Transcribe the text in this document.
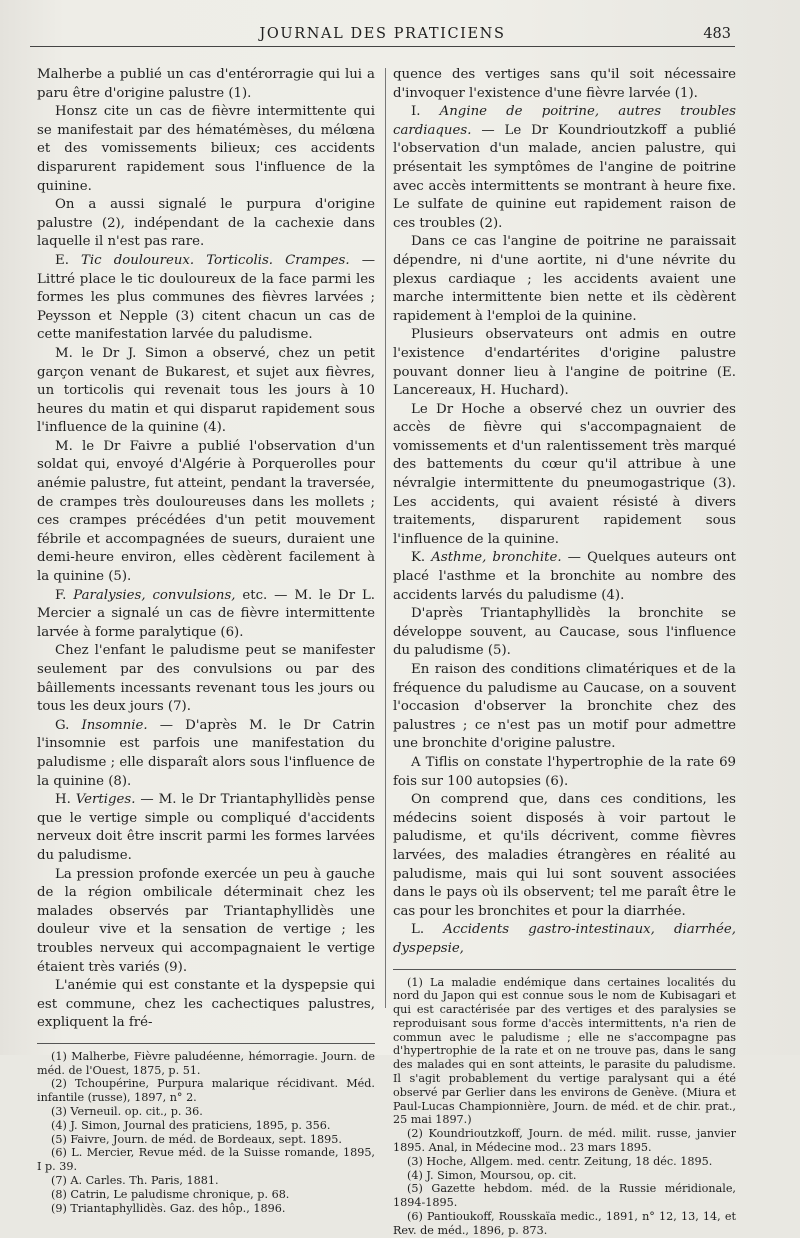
JOURNAL DES PRATICIENS	483

Malherbe a publié un cas d'entérorragie qui lui a paru être d'origine palustre (1).

Honsz cite un cas de fièvre intermittente qui se manifestait par des hématémèses, du mélœna et des vomissements bilieux; ces accidents disparurent rapidement sous l'influence de la quinine.

On a aussi signalé le purpura d'origine palustre (2), indépendant de la cachexie dans laquelle il n'est pas rare.

E. Tic douloureux. Torticolis. Crampes. — Littré place le tic douloureux de la face parmi les formes les plus communes des fièvres larvées ; Peysson et Nepple (3) citent chacun un cas de cette manifestation larvée du paludisme.

M. le Dr J. Simon a observé, chez un petit garçon venant de Bukarest, et sujet aux fièvres, un torticolis qui revenait tous les jours à 10 heures du matin et qui disparut rapidement sous l'influence de la quinine (4).

M. le Dr Faivre a publié l'observation d'un soldat qui, envoyé d'Algérie à Porquerolles pour anémie palustre, fut atteint, pendant la traversée, de crampes très douloureuses dans les mollets ; ces crampes précédées d'un petit mouvement fébrile et accompagnées de sueurs, duraient une demi-heure environ, elles cèdèrent facilement à la quinine (5).

F. Paralysies, convulsions, etc. — M. le Dr L. Mercier a signalé un cas de fièvre intermittente larvée à forme paralytique (6).

Chez l'enfant le paludisme peut se manifester seulement par des convulsions ou par des bâillements incessants revenant tous les jours ou tous les deux jours (7).

G. Insomnie. — D'après M. le Dr Catrin l'insomnie est parfois une manifestation du paludisme ; elle disparaît alors sous l'influence de la quinine (8).

H. Vertiges. — M. le Dr Triantaphyllidès pense que le vertige simple ou compliqué d'accidents nerveux doit être inscrit parmi les formes larvées du paludisme.

La pression profonde exercée un peu à gauche de la région ombilicale déterminait chez les malades observés par Triantaphyllidès une douleur vive et la sensation de vertige ; les troubles nerveux qui accompagnaient le vertige étaient très variés (9).

L'anémie qui est constante et la dyspepsie qui est commune, chez les cachectiques palustres, expliquent la fré-

(1) Malherbe, Fièvre paludéenne, hémorragie. Journ. de méd. de l'Ouest, 1875, p. 51.

(2) Tchoupérine, Purpura malarique récidivant. Méd. infantile (russe), 1897, n° 2.

(3) Verneuil. op. cit., p. 36.

(4) J. Simon, Journal des praticiens, 1895, p. 356.

(5) Faivre, Journ. de méd. de Bordeaux, sept. 1895.

(6) L. Mercier, Revue méd. de la Suisse romande, 1895, I p. 39.

(7) A. Carles. Th. Paris, 1881.

(8) Catrin, Le paludisme chronique, p. 68.

(9) Triantaphyllidès. Gaz. des hôp., 1896.

quence des vertiges sans qu'il soit nécessaire d'invoquer l'existence d'une fièvre larvée (1).

I. Angine de poitrine, autres troubles cardiaques. — Le Dr Koundrioutzkoff a publié l'observation d'un malade, ancien palustre, qui présentait les symptômes de l'angine de poitrine avec accès intermittents se montrant à heure fixe. Le sulfate de quinine eut rapidement raison de ces troubles (2).

Dans ce cas l'angine de poitrine ne paraissait dépendre, ni d'une aortite, ni d'une névrite du plexus cardiaque ; les accidents avaient une marche intermittente bien nette et ils cèdèrent rapidement à l'emploi de la quinine.

Plusieurs observateurs ont admis en outre l'existence d'endartérites d'origine palustre pouvant donner lieu à l'angine de poitrine (E. Lancereaux, H. Huchard).

Le Dr Hoche a observé chez un ouvrier des accès de fièvre qui s'accompagnaient de vomissements et d'un ralentissement très marqué des battements du cœur qu'il attribue à une névralgie intermittente du pneumogastrique (3). Les accidents, qui avaient résisté à divers traitements, disparurent rapidement sous l'influence de la quinine.

K. Asthme, bronchite. — Quelques auteurs ont placé l'asthme et la bronchite au nombre des accidents larvés du paludisme (4).

D'après Triantaphyllidès la bronchite se développe souvent, au Caucase, sous l'influence du paludisme (5).

En raison des conditions climatériques et de la fréquence du paludisme au Caucase, on a souvent l'occasion d'observer la bronchite chez des palustres ; ce n'est pas un motif pour admettre une bronchite d'origine palustre.

A Tiflis on constate l'hypertrophie de la rate 69 fois sur 100 autopsies (6).

On comprend que, dans ces conditions, les médecins soient disposés à voir partout le paludisme, et qu'ils décrivent, comme fièvres larvées, des maladies étrangères en réalité au paludisme, mais qui lui sont souvent associées dans le pays où ils observent; tel me paraît être le cas pour les bronchites et pour la diarrhée.

L. Accidents gastro-intestinaux, diarrhée, dyspepsie,

(1) La maladie endémique dans certaines localités du nord du Japon qui est connue sous le nom de Kubisagari et qui est caractérisée par des vertiges et des paralysies se reproduisant sous forme d'accès intermittents, n'a rien de commun avec le paludisme ; elle ne s'accompagne pas d'hypertrophie de la rate et on ne trouve pas, dans le sang des malades qui en sont atteints, le parasite du paludisme. Il s'agit probablement du vertige paralysant qui a été observé par Gerlier dans les environs de Genève. (Miura et Paul-Lucas Championnière, Journ. de méd. et de chir. prat., 25 mai 1897.)

(2) Koundrioutzkoff, Journ. de méd. milit. russe, janvier 1895. Anal, in Médecine mod.. 23 mars 1895.

(3) Hoche, Allgem. med. centr. Zeitung, 18 déc. 1895.

(4) J. Simon, Moursou, op. cit.

(5) Gazette hebdom. méd. de la Russie méridionale, 1894-1895.

(6) Pantioukoff, Rousskaïa medic., 1891, n° 12, 13, 14, et Rev. de méd., 1896, p. 873.
